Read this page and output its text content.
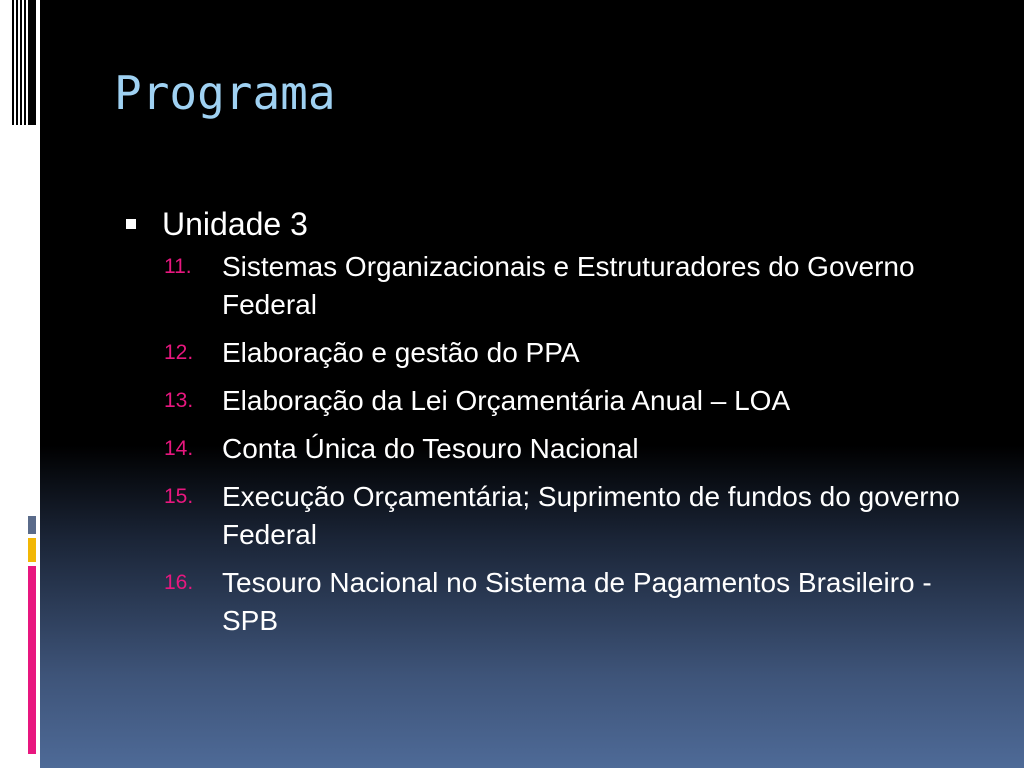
Programa
Unidade 3
11.	Sistemas Organizacionais e Estruturadores do Governo Federal
12.	Elaboração e gestão do PPA
13.	Elaboração da Lei Orçamentária Anual – LOA
14.	Conta Única do Tesouro Nacional
15.	Execução Orçamentária; Suprimento de fundos do governo Federal
16.	Tesouro Nacional no Sistema de Pagamentos Brasileiro - SPB
